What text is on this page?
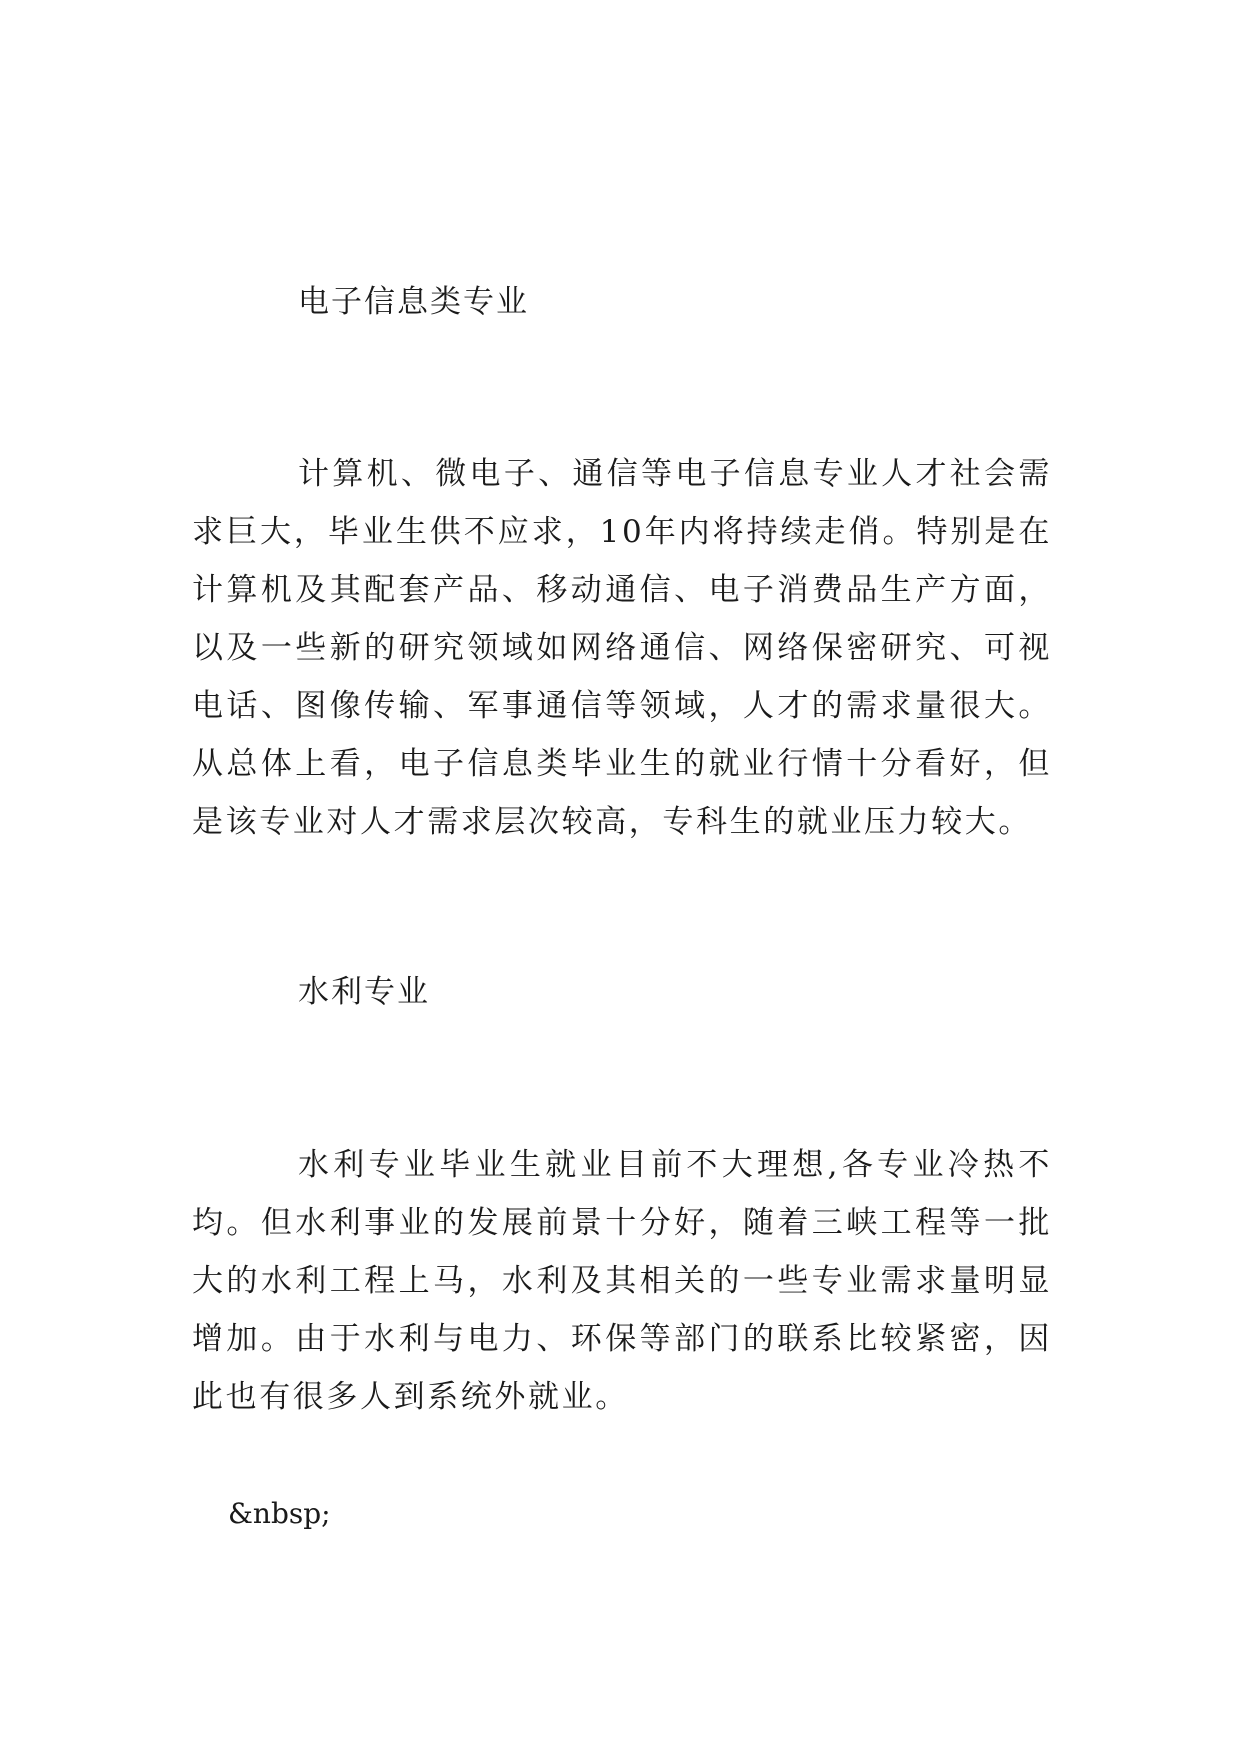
电子信息类专业

计算机、微电子、通信等电子信息专业人才社会需求巨大，毕业生供不应求，10年内将持续走俏。特别是在计算机及其配套产品、移动通信、电子消费品生产方面，以及一些新的研究领域如网络通信、网络保密研究、可视电话、图像传输、军事通信等领域，人才的需求量很大。从总体上看，电子信息类毕业生的就业行情十分看好，但是该专业对人才需求层次较高，专科生的就业压力较大。

水利专业

水利专业毕业生就业目前不大理想,各专业冷热不均。但水利事业的发展前景十分好，随着三峡工程等一批大的水利工程上马，水利及其相关的一些专业需求量明显增加。由于水利与电力、环保等部门的联系比较紧密，因此也有很多人到系统外就业。

&nbsp;
